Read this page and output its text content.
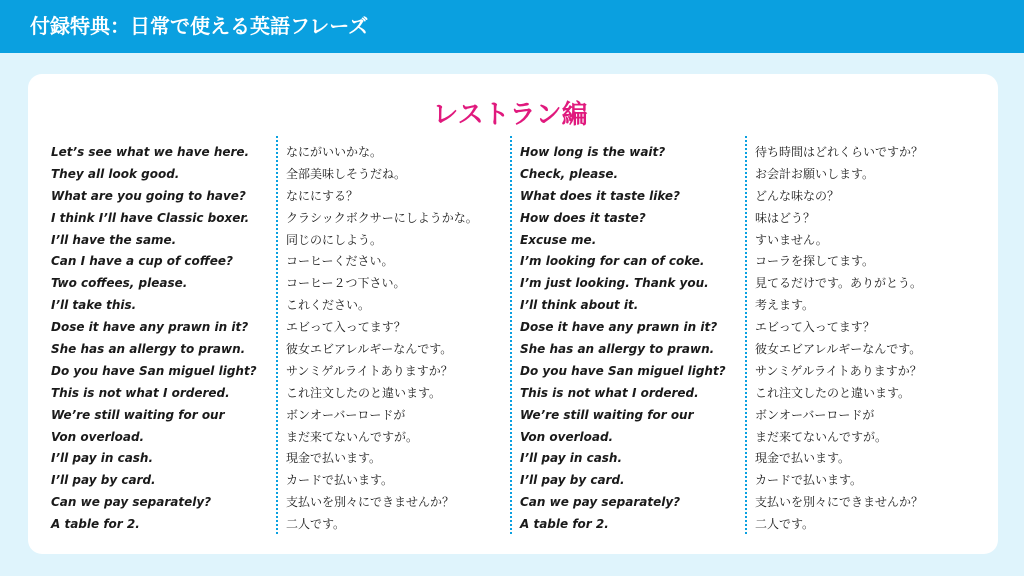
付録特典：日常で使える英語フレーズ
レストラン編
Let’s see what we have here.
They all look good.
What are you going to have?
I think I’ll have Classic boxer.
I’ll have the same.
Can I have a cup of coffee?
Two coffees, please.
I’ll take this.
Dose it have any prawn in it?
She has an allergy to prawn.
Do you have San miguel light?
This is not what I ordered.
We’re still waiting for our
Von overload.
I’ll pay in cash.
I’ll pay by card.
Can we pay separately?
A table for 2.
なにがいいかな。
全部美味しそうだね。
なににする？
クラシックボクサーにしようかな。
同じのにしよう。
コーヒーください。
コーヒー２つ下さい。
これください。
エビって入ってます？
彼女エビアレルギーなんです。
サンミゲルライトありますか？
これ注文したのと違います。
ボンオーバーロードが
まだ来てないんですが。
現金で払います。
カードで払います。
支払いを別々にできませんか？
二人です。
How long is the wait?
Check, please.
What does it taste like?
How does it taste?
Excuse me.
I’m looking for can of coke.
I’m just looking. Thank you.
I’ll think about it.
Dose it have any prawn in it?
She has an allergy to prawn.
Do you have San miguel light?
This is not what I ordered.
We’re still waiting for our
Von overload.
I’ll pay in cash.
I’ll pay by card.
Can we pay separately?
A table for 2.
待ち時間はどれくらいですか？
お会計お願いします。
どんな味なの？
味はどう？
すいません。
コーラを探してます。
見てるだけです。ありがとう。
考えます。
エビって入ってます？
彼女エビアレルギーなんです。
サンミゲルライトありますか？
これ注文したのと違います。
ボンオーバーロードが
まだ来てないんですが。
現金で払います。
カードで払います。
支払いを別々にできませんか？
二人です。
